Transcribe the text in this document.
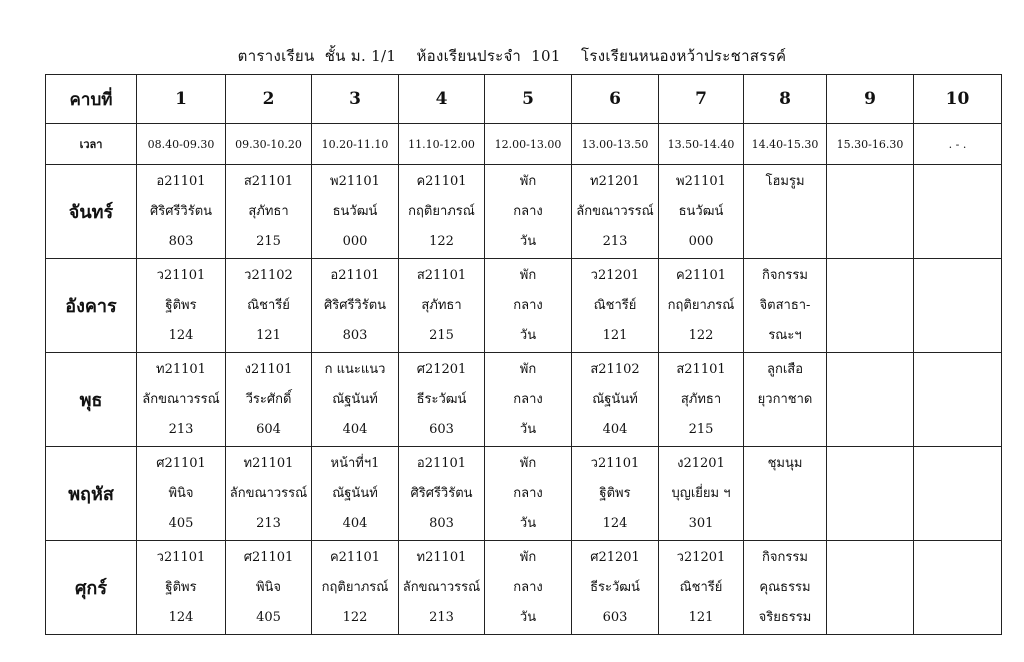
ตารางเรียน  ชั้น ม. 1/1 ห้องเรียนประจำ  101 โรงเรียนหนองหว้าประชาสรรค์
คาบที่	1	2	3	4	5	6	7	8	9	10
เวลา	08.40-09.30	09.30-10.20	10.20-11.10	11.10-12.00	12.00-13.00	13.00-13.50	13.50-14.40	14.40-15.30	15.30-16.30	. - .
จันทร์	อ21101
ศิริศรีวิรัตน
803	ส21101
สุภัทธา
215	พ21101
ธนวัฒน์
000	ค21101
กฤติยาภรณ์
122	พัก
กลาง
วัน	ท21201
ลักขณาวรรณ์
213	พ21101
ธนวัฒน์
000	โฮมรูม		

อังคาร	ว21101
ฐิติพร
124	ว21102
ณิชารีย์
121	อ21101
ศิริศรีวิรัตน
803	ส21101
สุภัทธา
215	พัก
กลาง
วัน	ว21201
ณิชารีย์
121	ค21101
กฤติยาภรณ์
122	กิจกรรม
จิตสาธา-
รณะฯ		

พุธ	ท21101
ลักขณาวรรณ์
213	ง21101
วีระศักดิ์
604	ก แนะแนว
ณัฐนันท์
404	ศ21201
ธีระวัฒน์
603	พัก
กลาง
วัน	ส21102
ณัฐนันท์
404	ส21101
สุภัทธา
215	ลูกเสือ
ยุวกาชาด		

พฤหัส	ศ21101
พินิจ
405	ท21101
ลักขณาวรรณ์
213	หน้าที่ฯ1
ณัฐนันท์
404	อ21101
ศิริศรีวิรัตน
803	พัก
กลาง
วัน	ว21101
ฐิติพร
124	ง21201
บุญเยี่ยม ฯ
301	ชุมนุม		

ศุกร์	ว21101
ฐิติพร
124	ศ21101
พินิจ
405	ค21101
กฤติยาภรณ์
122	ท21101
ลักขณาวรรณ์
213	พัก
กลาง
วัน	ศ21201
ธีระวัฒน์
603	ว21201
ณิชารีย์
121	กิจกรรม
คุณธรรม
จริยธรรม		
